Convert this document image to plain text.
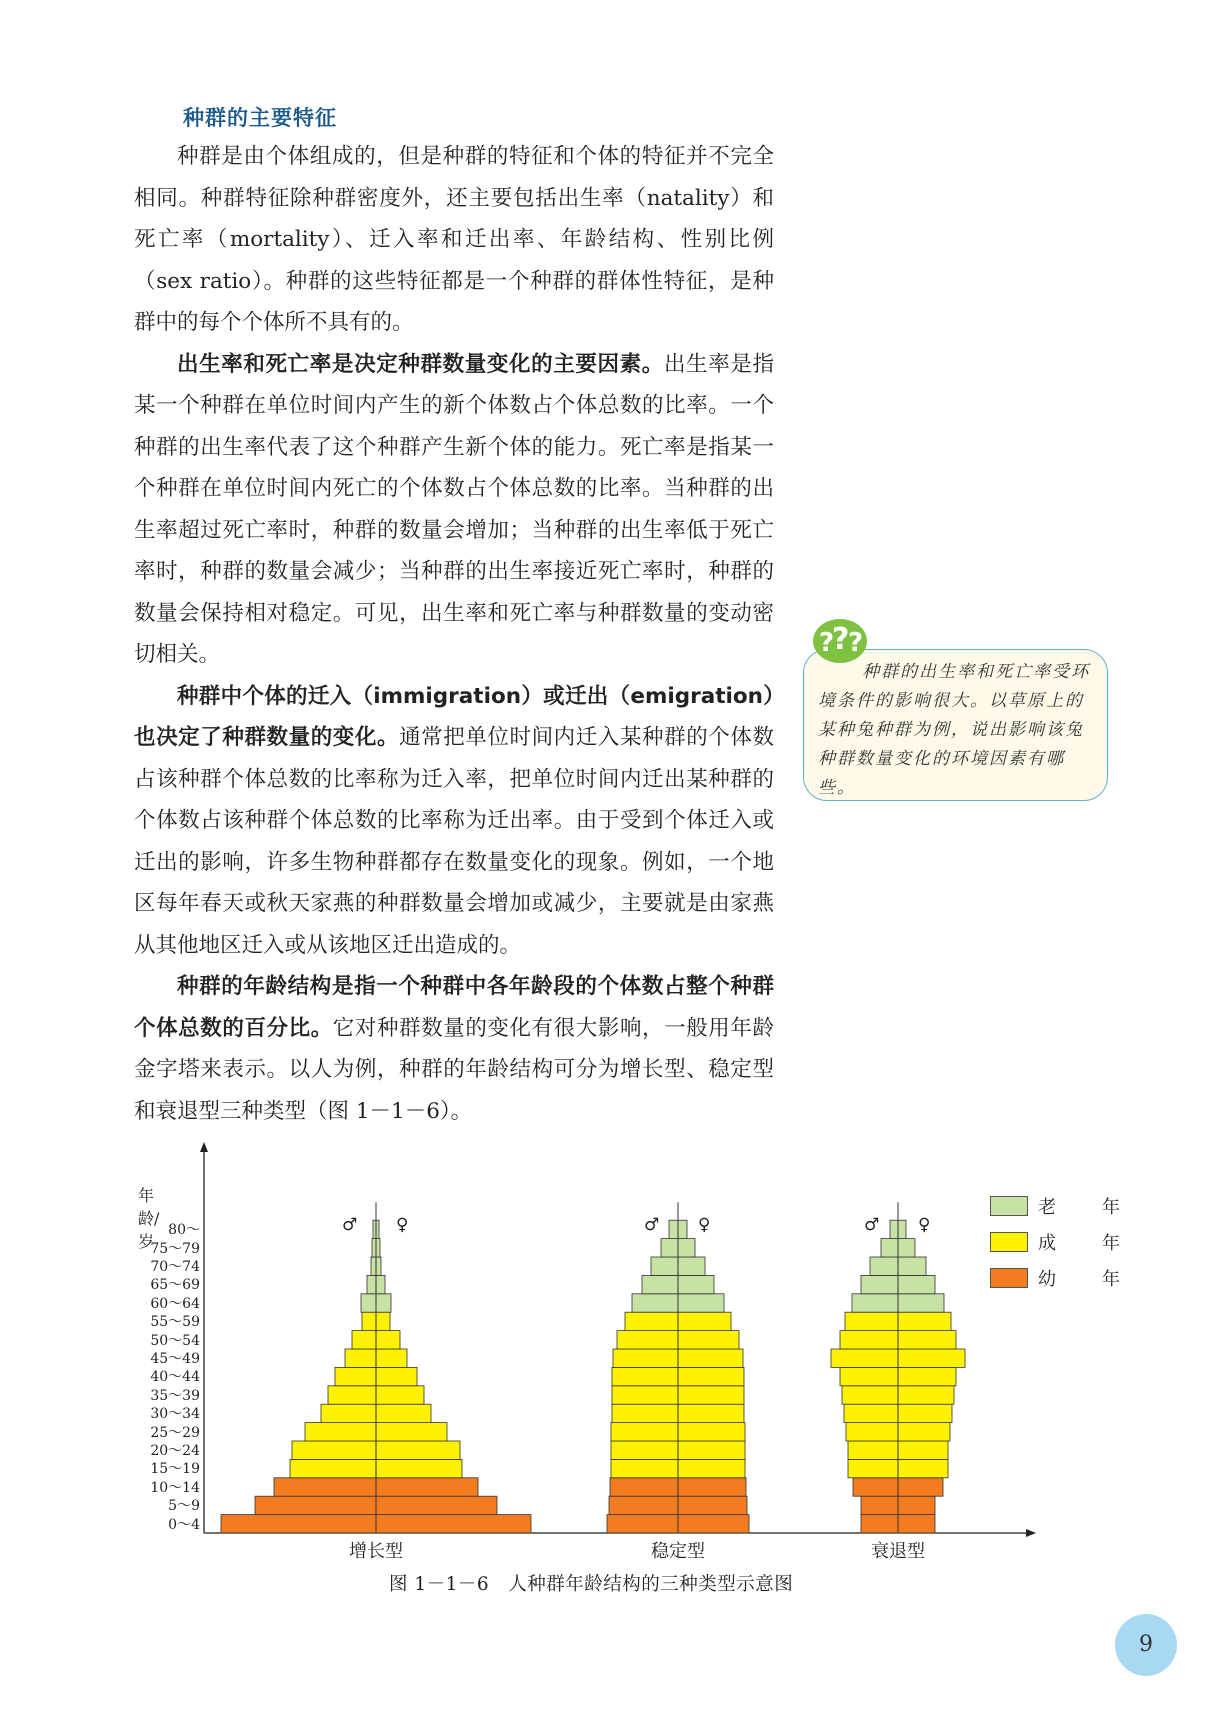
种群的主要特征

种群是由个体组成的，但是种群的特征和个体的特征并不完全相同。种群特征除种群密度外，还主要包括出生率（natality）和死亡率（mortality）、迁入率和迁出率、年龄结构、性别比例（sex ratio）。种群的这些特征都是一个种群的群体性特征，是种群中的每个个体所不具有的。

出生率和死亡率是决定种群数量变化的主要因素。出生率是指某一个种群在单位时间内产生的新个体数占个体总数的比率。一个种群的出生率代表了这个种群产生新个体的能力。死亡率是指某一个种群在单位时间内死亡的个体数占个体总数的比率。当种群的出生率超过死亡率时，种群的数量会增加；当种群的出生率低于死亡率时，种群的数量会减少；当种群的出生率接近死亡率时，种群的数量会保持相对稳定。可见，出生率和死亡率与种群数量的变动密切相关。

种群中个体的迁入（immigration）或迁出（emigration）也决定了种群数量的变化。通常把单位时间内迁入某种群的个体数占该种群个体总数的比率称为迁入率，把单位时间内迁出某种群的个体数占该种群个体总数的比率称为迁出率。由于受到个体迁入或迁出的影响，许多生物种群都存在数量变化的现象。例如，一个地区每年春天或秋天家燕的种群数量会增加或减少，主要就是由家燕从其他地区迁入或从该地区迁出造成的。

种群的年龄结构是指一个种群中各年龄段的个体数占整个种群个体总数的百分比。它对种群数量的变化有很大影响，一般用年龄金字塔来表示。以人为例，种群的年龄结构可分为增长型、稳定型和衰退型三种类型（图 1－1－6）。

种群的出生率和死亡率受环境条件的影响很大。以草原上的某种兔种群为例，说出影响该兔种群数量变化的环境因素有哪些。
?
?
?
年龄/岁
0～4
5～9
10～14
15～19
20～24
25～29
30～34
35～39
40～44
45～49
50～54
55～59
60～64
65～69
70～74
75～79
80～	♂ ♀	♂ ♀	♂ ♀
增长型	稳定型	衰退型
老　年
成　年
幼　年
图 1－1－6　人种群年龄结构的三种类型示意图
9
